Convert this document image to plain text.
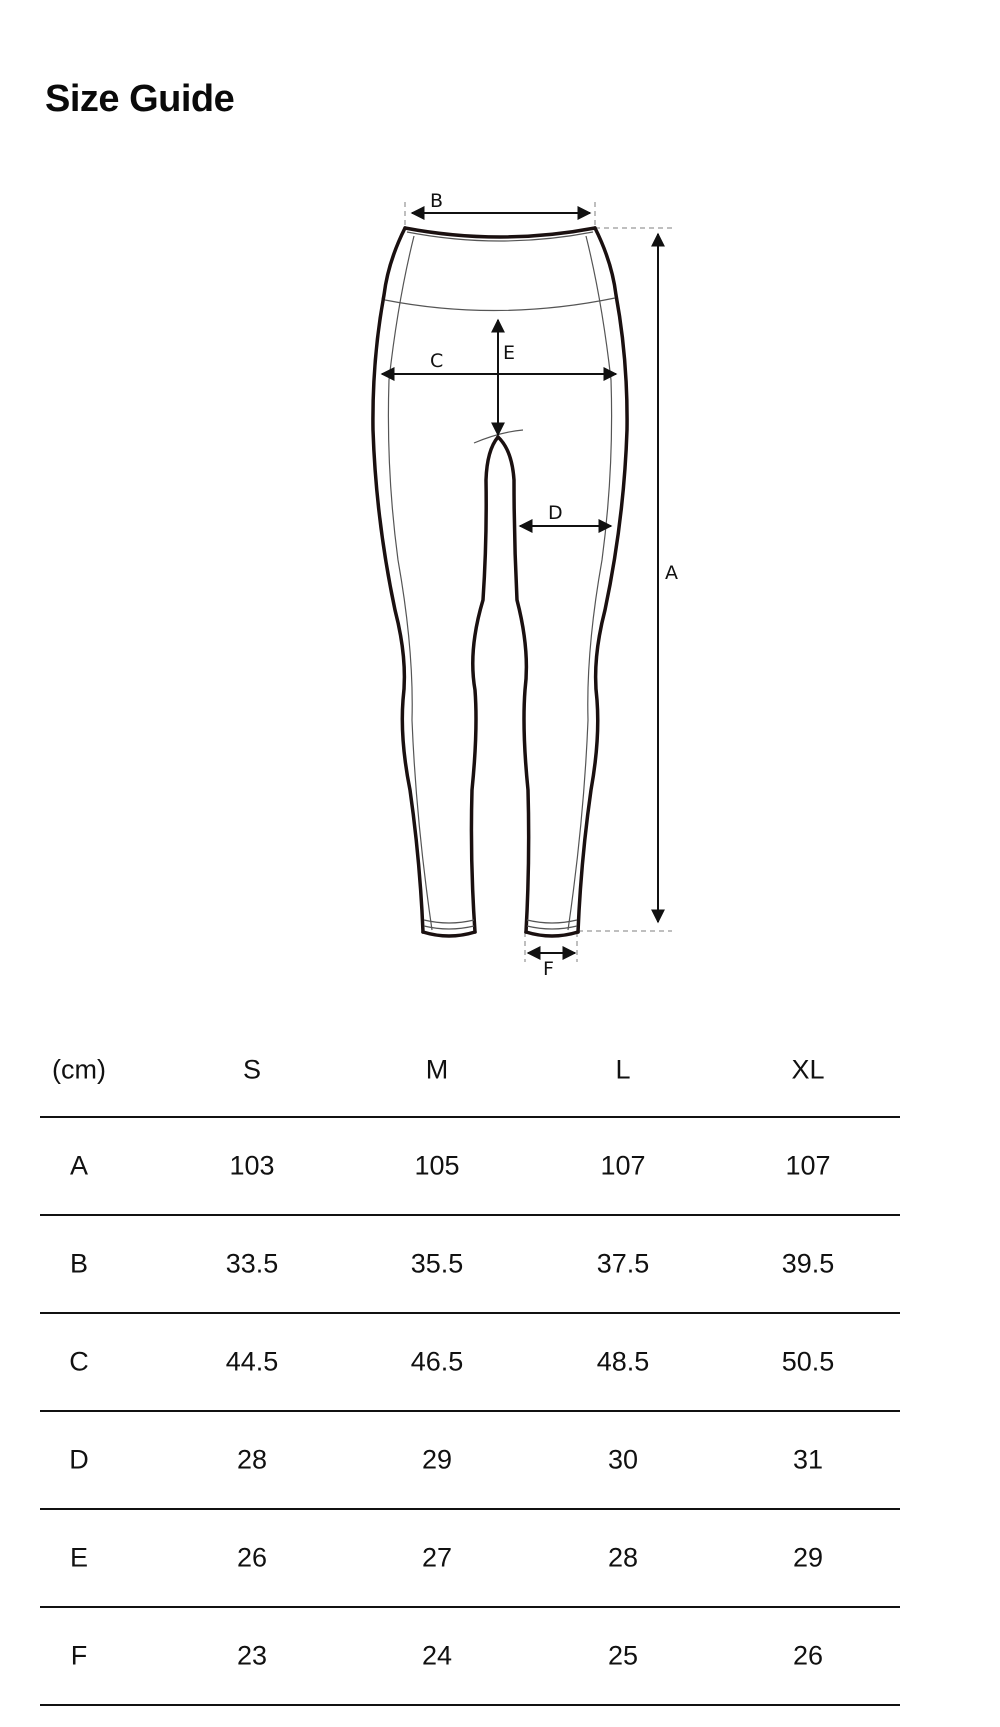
Size Guide
B
A
C	E
D
F
(cm)	S	M	L	XL
A	103	105	107	107
B	33.5	35.5	37.5	39.5
C	44.5	46.5	48.5	50.5
D	28	29	30	31
E	26	27	28	29
F	23	24	25	26
